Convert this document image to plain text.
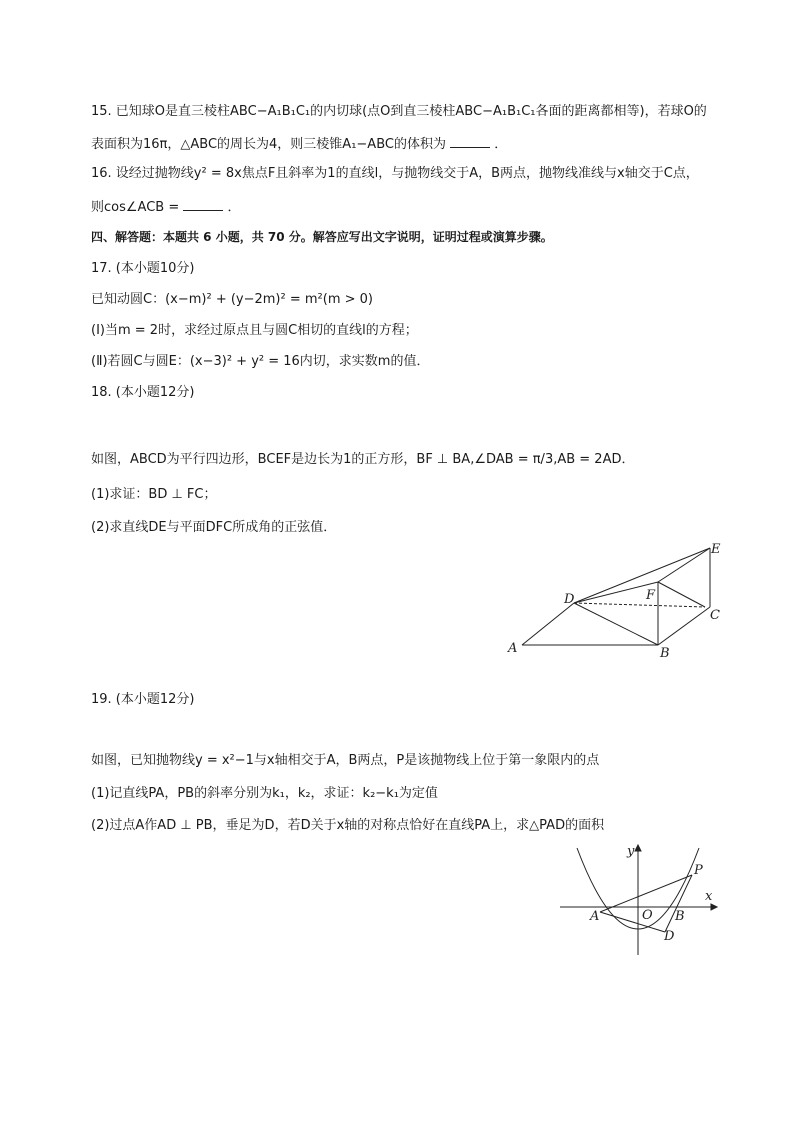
15. 已知球O是直三棱柱ABC−A₁B₁C₁的内切球(点O到直三棱柱ABC−A₁B₁C₁各面的距离都相等)，若球O的
表面积为16π，△ABC的周长为4，则三棱锥A₁−ABC的体积为	．
16. 设经过抛物线y² = 8x焦点F且斜率为1的直线l，与抛物线交于A，B两点，抛物线准线与x轴交于C点，
则cos∠ACB =	．
四、解答题：本题共 6 小题，共 70 分。解答应写出文字说明，证明过程或演算步骤。
17. (本小题10分)
已知动圆C：(x−m)² + (y−2m)² = m²(m > 0)
(Ⅰ)当m = 2时，求经过原点且与圆C相切的直线l的方程；
(Ⅱ)若圆C与圆E：(x−3)² + y² = 16内切，求实数m的值．
18. (本小题12分)
如图，ABCD为平行四边形，BCEF是边长为1的正方形，BF ⊥ BA,∠DAB = π/3,AB = 2AD．
(1)求证：BD ⊥ FC；
(2)求直线DE与平面DFC所成角的正弦值．
A	B
C
D
E
F
19. (本小题12分)
如图，已知抛物线y = x²−1与x轴相交于A，B两点，P是该抛物线上位于第一象限内的点
(1)记直线PA，PB的斜率分别为k₁，k₂，求证：k₂−k₁为定值
(2)过点A作AD ⊥ PB，垂足为D，若D关于x轴的对称点恰好在直线PA上，求△PAD的面积
x
y
O
A	B
P
D
